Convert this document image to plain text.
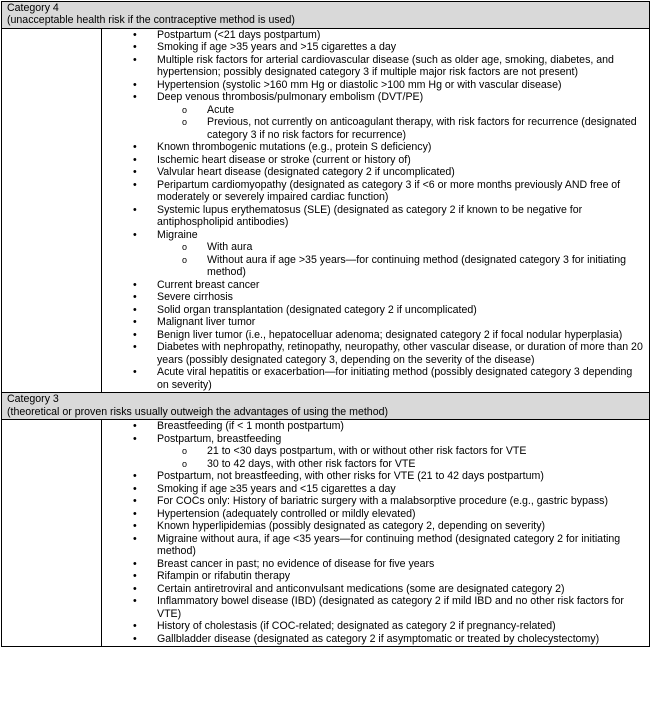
Category 4
(unacceptable health risk if the contraceptive method is used)
• Postpartum (<21 days postpartum)
• Smoking if age >35 years and >15 cigarettes a day
• Multiple risk factors for arterial cardiovascular disease (such as older age, smoking, diabetes, and hypertension; possibly designated category 3 if multiple major risk factors are not present)
• Hypertension (systolic >160 mm Hg or diastolic >100 mm Hg or with vascular disease)
• Deep venous thrombosis/pulmonary embolism (DVT/PE)
o Acute
o Previous, not currently on anticoagulant therapy, with risk factors for recurrence (designated category 3 if no risk factors for recurrence)
• Known thrombogenic mutations (e.g., protein S deficiency)
• Ischemic heart disease or stroke (current or history of)
• Valvular heart disease (designated category 2 if uncomplicated)
• Peripartum cardiomyopathy (designated as category 3 if <6 or more months previously AND free of moderately or severely impaired cardiac function)
• Systemic lupus erythematosus (SLE) (designated as category 2 if known to be negative for antiphospholipid antibodies)
• Migraine
o With aura
o Without aura if age >35 years—for continuing method (designated category 3 for initiating method)
• Current breast cancer
• Severe cirrhosis
• Solid organ transplantation (designated category 2 if uncomplicated)
• Malignant liver tumor
• Benign liver tumor (i.e., hepatocelluar adenoma; designated category 2 if focal nodular hyperplasia)
• Diabetes with nephropathy, retinopathy, neuropathy, other vascular disease, or duration of more than 20 years (possibly designated category 3, depending on the severity of the disease)
• Acute viral hepatitis or exacerbation—for initiating method (possibly designated category 3 depending on severity)
Category 3
(theoretical or proven risks usually outweigh the advantages of using the method)
• Breastfeeding (if < 1 month postpartum)
• Postpartum, breastfeeding
o 21 to <30 days postpartum, with or without other risk factors for VTE
o 30 to 42 days, with other risk factors for VTE
• Postpartum, not breastfeeding, with other risks for VTE (21 to 42 days postpartum)
• Smoking if age ≥35 years and <15 cigarettes a day
• For COCs only: History of bariatric surgery with a malabsorptive procedure (e.g., gastric bypass)
• Hypertension (adequately controlled or mildly elevated)
• Known hyperlipidemias (possibly designated as category 2, depending on severity)
• Migraine without aura, if age <35 years—for continuing method (designated category 2 for initiating method)
• Breast cancer in past; no evidence of disease for five years
• Rifampin or rifabutin therapy
• Certain antiretroviral and anticonvulsant medications (some are designated category 2)
• Inflammatory bowel disease (IBD) (designated as category 2 if mild IBD and no other risk factors for VTE)
• History of cholestasis (if COC-related; designated as category 2 if pregnancy-related)
• Gallbladder disease (designated as category 2 if asymptomatic or treated by cholecystectomy)
